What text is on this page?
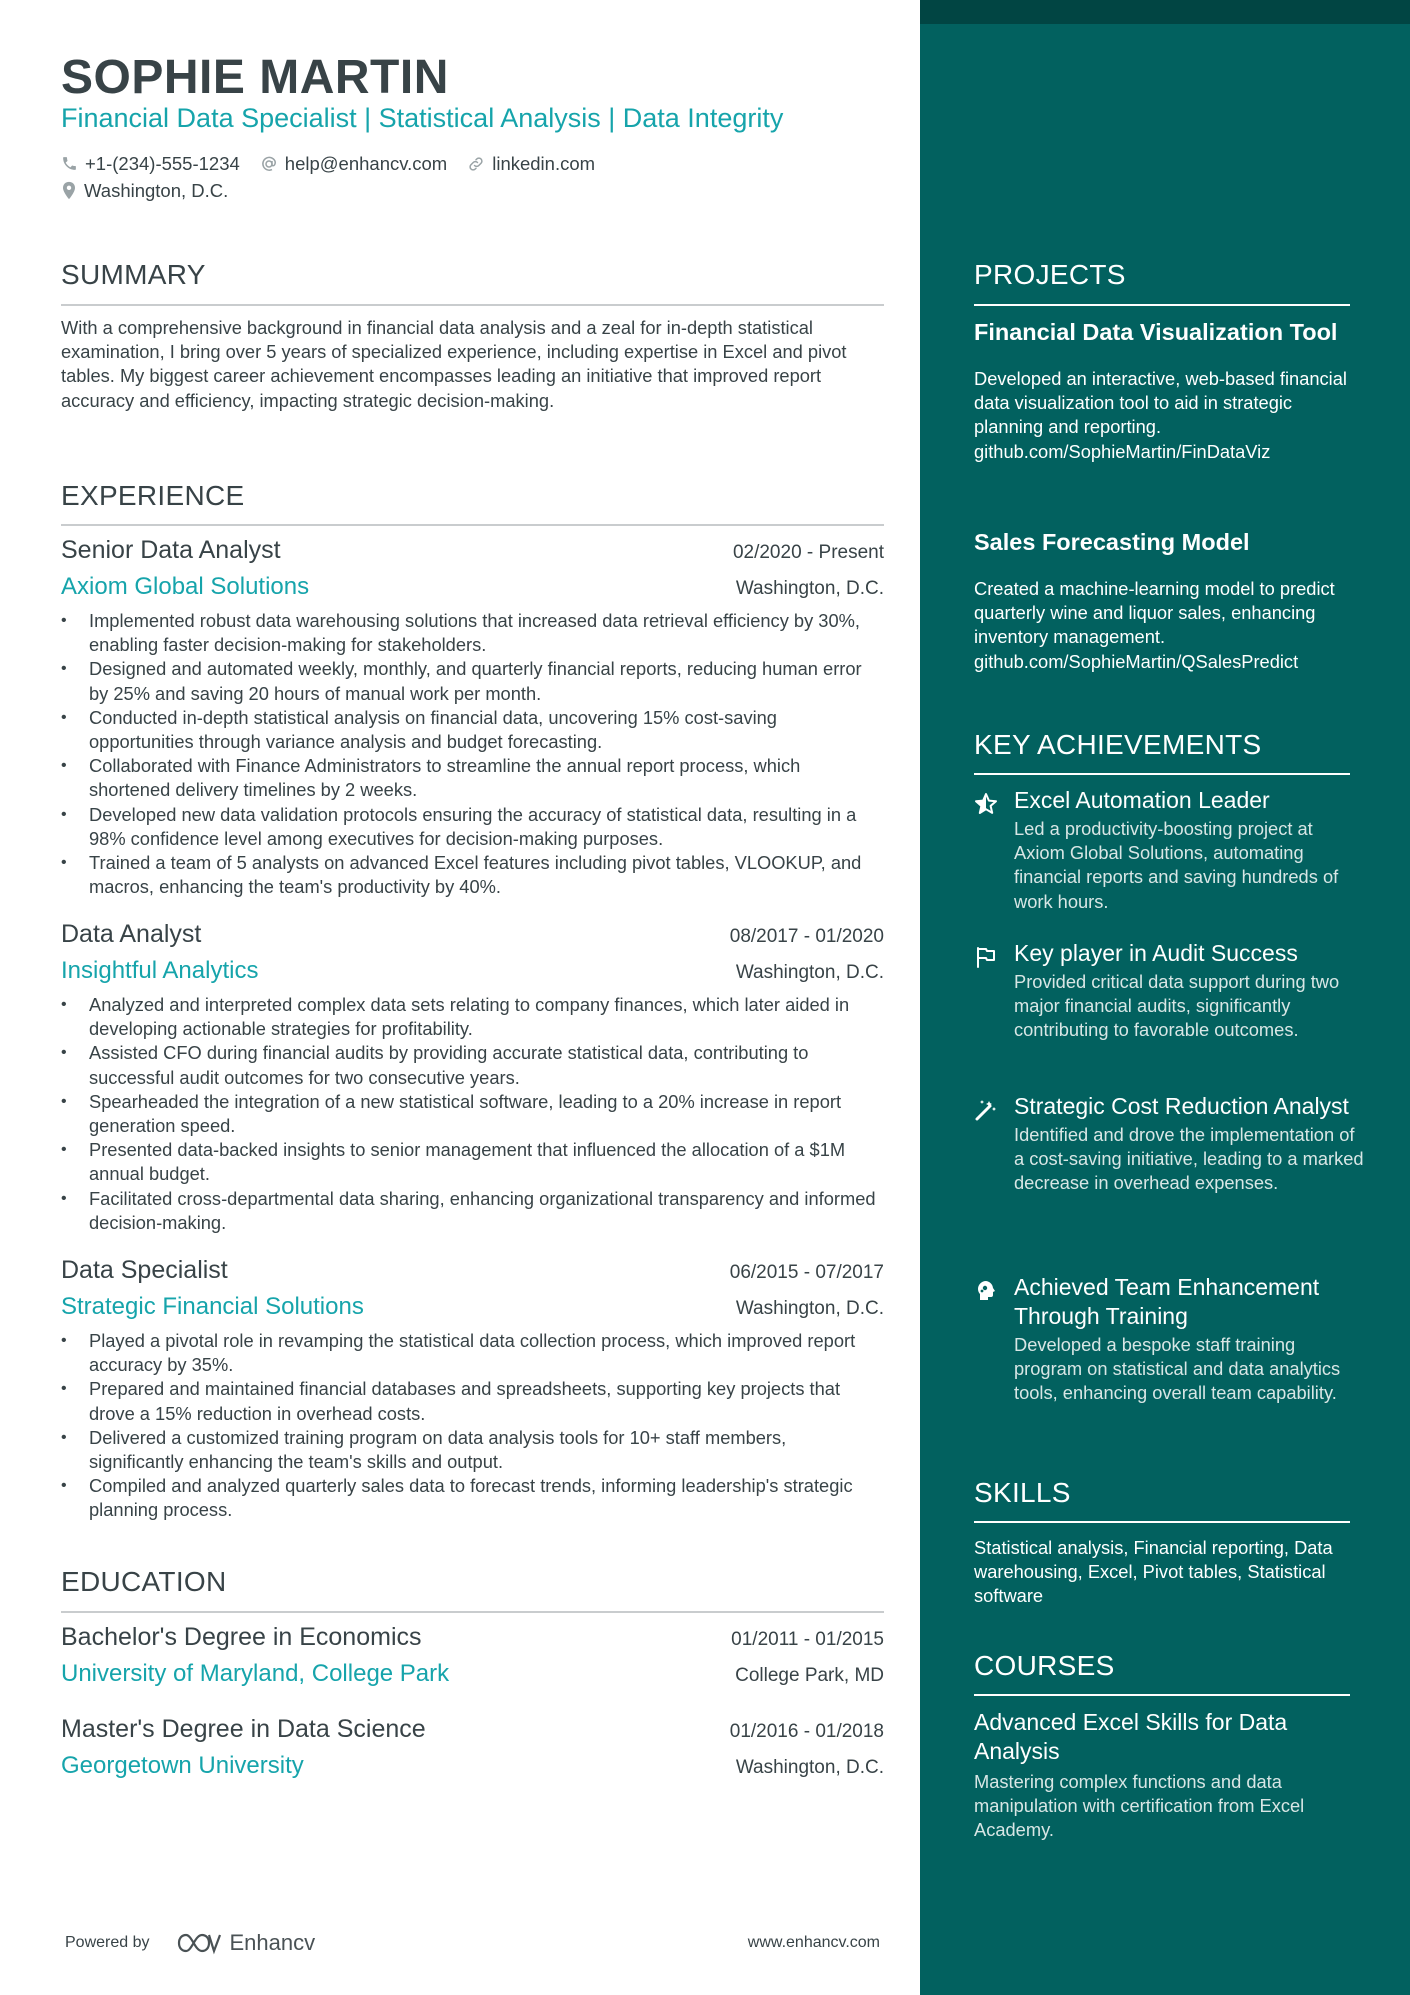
SOPHIE MARTIN
Financial Data Specialist | Statistical Analysis | Data Integrity
+1-(234)-555-1234 help@enhancv.com linkedin.com
Washington, D.C.
SUMMARY
With a comprehensive background in financial data analysis and a zeal for in-depth statistical examination, I bring over 5 years of specialized experience, including expertise in Excel and pivot tables. My biggest career achievement encompasses leading an initiative that improved report accuracy and efficiency, impacting strategic decision-making.
EXPERIENCE
Senior Data Analyst	02/2020 - Present
Axiom Global Solutions	Washington, D.C.
• Implemented robust data warehousing solutions that increased data retrieval efficiency by 30%, enabling faster decision-making for stakeholders.
• Designed and automated weekly, monthly, and quarterly financial reports, reducing human error by 25% and saving 20 hours of manual work per month.
• Conducted in-depth statistical analysis on financial data, uncovering 15% cost-saving opportunities through variance analysis and budget forecasting.
• Collaborated with Finance Administrators to streamline the annual report process, which shortened delivery timelines by 2 weeks.
• Developed new data validation protocols ensuring the accuracy of statistical data, resulting in a 98% confidence level among executives for decision-making purposes.
• Trained a team of 5 analysts on advanced Excel features including pivot tables, VLOOKUP, and macros, enhancing the team's productivity by 40%.
Data Analyst	08/2017 - 01/2020
Insightful Analytics	Washington, D.C.
• Analyzed and interpreted complex data sets relating to company finances, which later aided in developing actionable strategies for profitability.
• Assisted CFO during financial audits by providing accurate statistical data, contributing to successful audit outcomes for two consecutive years.
• Spearheaded the integration of a new statistical software, leading to a 20% increase in report generation speed.
• Presented data-backed insights to senior management that influenced the allocation of a $1M annual budget.
• Facilitated cross-departmental data sharing, enhancing organizational transparency and informed decision-making.
Data Specialist	06/2015 - 07/2017
Strategic Financial Solutions	Washington, D.C.
• Played a pivotal role in revamping the statistical data collection process, which improved report accuracy by 35%.
• Prepared and maintained financial databases and spreadsheets, supporting key projects that drove a 15% reduction in overhead costs.
• Delivered a customized training program on data analysis tools for 10+ staff members, significantly enhancing the team's skills and output.
• Compiled and analyzed quarterly sales data to forecast trends, informing leadership's strategic planning process.
EDUCATION
Bachelor's Degree in Economics	01/2011 - 01/2015
University of Maryland, College Park	College Park, MD
Master's Degree in Data Science	01/2016 - 01/2018
Georgetown University	Washington, D.C.
Powered by	Enhancv	www.enhancv.com
PROJECTS
Financial Data Visualization Tool
Developed an interactive, web-based financial data visualization tool to aid in strategic planning and reporting. github.com/SophieMartin/FinDataViz
Sales Forecasting Model
Created a machine-learning model to predict quarterly wine and liquor sales, enhancing inventory management. github.com/SophieMartin/QSalesPredict
KEY ACHIEVEMENTS
Excel Automation Leader
Led a productivity-boosting project at Axiom Global Solutions, automating financial reports and saving hundreds of work hours.
Key player in Audit Success
Provided critical data support during two major financial audits, significantly contributing to favorable outcomes.
Strategic Cost Reduction Analyst
Identified and drove the implementation of a cost-saving initiative, leading to a marked decrease in overhead expenses.
Achieved Team Enhancement Through Training
Developed a bespoke staff training program on statistical and data analytics tools, enhancing overall team capability.
SKILLS
Statistical analysis, Financial reporting, Data warehousing, Excel, Pivot tables, Statistical software
COURSES
Advanced Excel Skills for Data Analysis
Mastering complex functions and data manipulation with certification from Excel Academy.
